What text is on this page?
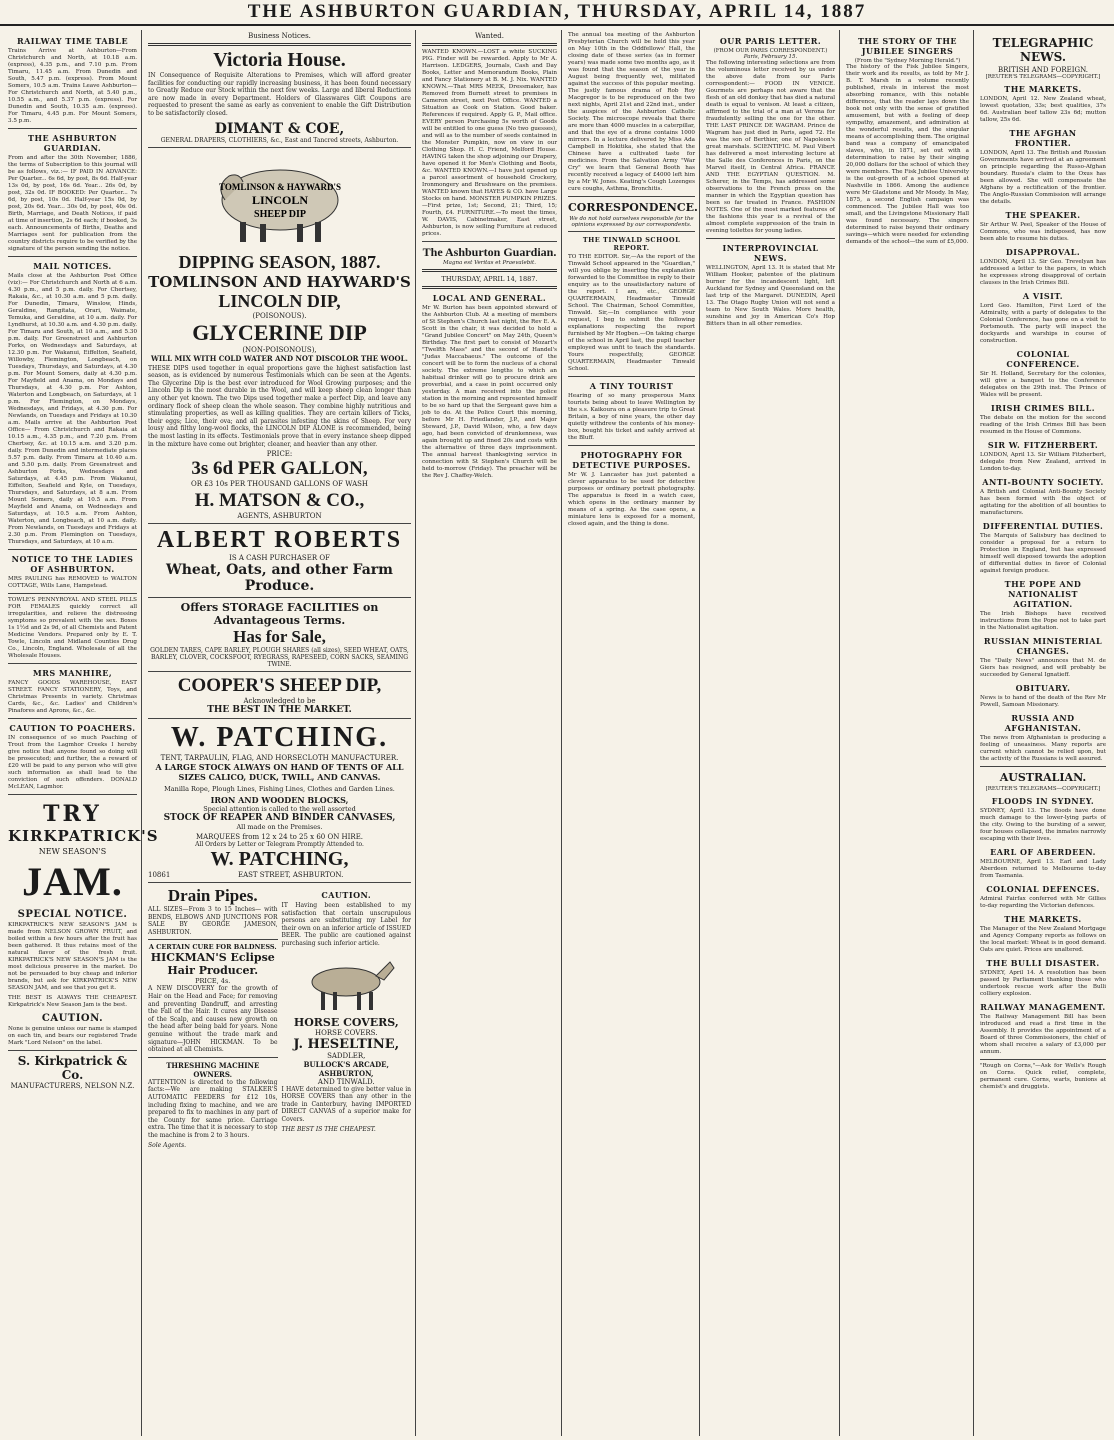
THE ASHBURTON GUARDIAN, THURSDAY, APRIL 14, 1887
RAILWAY TIME TABLE
Trains Arrive at Ashburton—From Christchurch and North, at 10.18 a.m. (express), 4.35 p.m., and 7.10 p.m. From Timaru, 11.45 a.m. From Dunedin and South, 5.47 p.m. (express). From Mount Somers, 10.5 a.m. Trains Leave Ashburton—For Christchurch and North, at 5.40 p.m., 10.55 a.m., and 5.37 p.m. (express). For Dunedin and South, 10.35 a.m. (express). For Timaru, 4.45 p.m. For Mount Somers, 3.5 p.m.
THE ASHBURTON GUARDIAN.
From and after the 30th November, 1886, the terms of Subscription to this journal will be as follows, viz.:— IF PAID IN ADVANCE: Per Quarter... 6s 6d, by post, 8s 6d. Half-year 13s 0d, by post, 16s 6d. Year... 26s 0d, by post, 32s 0d. IF BOOKED: Per Quarter... 7s 6d, by post, 10s 0d. Half-year 15s 0d, by post, 20s 6d. Year... 30s 0d, by post, 40s 0d. Birth, Marriage, and Death Notices, if paid at time of insertion, 2s 6d each; if booked, 3s each. Announcements of Births, Deaths and Marriages sent for publication from the country districts require to be verified by the signature of the person sending the notice.
MAIL NOTICES.
Mails close at the Ashburton Post Office (viz):— For Christchurch and North at 6 a.m. 4.30 p.m., and 5 p.m. daily. For Chertsey, Rakaia, &c., at 10.30 a.m. and 5 p.m. daily. For Dunedin, Timaru, Winslow, Hinds, Geraldine, Rangitata, Orari, Waimate, Temuka, and Geraldine, at 10 a.m. daily. For Lyndhurst, at 10.30 a.m. and 4.30 p.m. daily. For Timaru and South, at 10 a.m., and 5.30 p.m. daily. For Greenstreet and Ashburton Forks, on Wednesdays and Saturdays, at 12.30 p.m. For Wakanui, Eiffelton, Seafield, Willowby, Flemington, Longbeach, on Tuesdays, Thursdays, and Saturdays, at 4.30 p.m. For Mount Somers, daily at 4.30 p.m. For Mayfield and Anama, on Mondays and Thursdays, at 4.30 p.m. For Ashton, Waterton and Longbeach, on Saturdays, at 1 p.m. For Flemington, on Mondays, Wednesdays, and Fridays, at 4.30 p.m. For Newlands, on Tuesdays and Fridays at 10.30 a.m. Mails arrive at the Ashburton Post Office— From Christchurch and Rakaia at 10.15 a.m., 4.35 p.m., and 7.20 p.m. From Chertsey, &c. at 10.15 a.m. and 3.20 p.m. daily. From Dunedin and intermediate places 5.57 p.m. daily. From Timaru at 10.40 a.m. and 5.50 p.m. daily. From Greenstreet and Ashburton Forks, Wednesdays and Saturdays, at 4.45 p.m. From Wakanui, Eiffelton, Seafield and Kyle, on Tuesdays, Thursdays, and Saturdays, at 8 a.m. From Mount Somers, daily at 10.5 a.m. From Mayfield and Anama, on Wednesdays and Saturdays, at 10.5 a.m. From Ashton, Waterton, and Longbeach, at 10 a.m. daily. From Newlands, on Tuesdays and Fridays at 2.30 p.m. From Flemington on Tuesdays, Thursdays, and Saturdays, at 10 a.m.
NOTICE TO THE LADIES OF ASHBURTON.
MRS PAULING has REMOVED to WALTON COTTAGE, Wills Lane, Hampstead.
TOWLE'S PENNYROYAL AND STEEL PILLS FOR FEMALES quickly correct all irregularities, and relieve the distressing symptoms so prevalent with the sex. Boxes 1s 1½d and 2s 9d, of all Chemists and Patent Medicine Vendors. Prepared only by E. T. Towle, Lincoln and Midland Counties Drug Co., Lincoln, England. Wholesale of all the Wholesale Houses.
MRS MANHIRE,
FANCY GOODS WAREHOUSE, EAST STREET. FANCY STATIONERY, Toys, and Christmas Presents in variety. Christmas Cards, &c., &c. Ladies' and Children's Pinafores and Aprons, &c., &c.
CAUTION TO POACHERS.
IN consequence of so much Poaching of Trout from the Lagmhor Creeks I hereby give notice that anyone found so doing will be prosecuted; and further, the a reward of £20 will be paid to any person who will give such information as shall lead to the conviction of such offenders. DONALD McLEAN, Lagmhor.
TRY
KIRKPATRICK'S
NEW SEASON'S
JAM.
SPECIAL NOTICE.
KIRKPATRICK'S NEW SEASON'S JAM is made from NELSON GROWN FRUIT, and boiled within a few hours after the fruit has been gathered. It thus retains most of the natural flavor of the fresh fruit. KIRKPATRICK'S NEW SEASON'S JAM is the most delicious preserve in the market. Do not be persuaded to buy cheap and inferior brands, but ask for KIRKPATRICK'S NEW SEASON JAM, and see that you get it.
THE BEST IS ALWAYS THE CHEAPEST. Kirkpatrick's New Season Jam is the best.
CAUTION.
None is genuine unless our name is stamped on each tin, and bears our registered Trade Mark "Lord Nelson" on the label.
S. Kirkpatrick & Co.
MANUFACTURERS, NELSON N.Z.
Business Notices.
Victoria House.
IN Consequence of Requisite Alterations to Premises, which will afford greater facilities for conducting our rapidly increasing business, it has been found necessary to Greatly Reduce our Stock within the next few weeks. Large and liberal Reductions are now made in every Department. Holders of Glasswares Gift Coupons are requested to present the same as early as convenient to enable the Gift Distribution to be satisfactorily closed.
DIMANT & COE,
GENERAL DRAPERS, CLOTHIERS, &c., East and Tancred streets, Ashburton.
TOMLINSON & HAYWARD'S
LINCOLN
SHEEP DIP
DIPPING SEASON, 1887.
TOMLINSON AND HAYWARD'S
LINCOLN DIP,
(POISONOUS).
GLYCERINE DIP
(NON-POISONOUS),
WILL MIX WITH COLD WATER AND NOT DISCOLOR THE WOOL.
THESE DIPS used together in equal proportions gave the highest satisfaction last season, as is evidenced by numerous Testimonials which can be seen at the Agents. The Glycerine Dip is the best ever introduced for Wool Growing purposes; and the Lincoln Dip is the most durable in the Wool, and will keep sheep clean longer than any other yet known. The two Dips used together make a perfect Dip, and leave any ordinary flock of sheep clean the whole season. They combine highly nutritious and stimulating properties, as well as killing qualities. They are certain killers of Ticks, their eggs; Lice, their ova; and all parasites infesting the skins of Sheep. For very lousy and filthy long-wool flocks, the LINCOLN DIP ALONE is recommended, being the most lasting in its effects. Testimonials prove that in every instance sheep dipped in the mixture have come out brighter, cleaner, and heavier than any other.
PRICE:
3s 6d PER GALLON,
OR £3 10s PER THOUSAND GALLONS OF WASH
H. MATSON & CO.,
AGENTS, ASHBURTON
ALBERT ROBERTS
IS A CASH PURCHASER OF
Wheat, Oats, and other Farm Produce.
Offers STORAGE FACILITIES on Advantageous Terms.
Has for Sale,
GOLDEN TARES, CAPE BARLEY, PLOUGH SHARES (all sizes), SEED WHEAT, OATS, BARLEY, CLOVER, COCKSFOOT, RYEGRASS, RAPESEED, CORN SACKS, SEAMING TWINE.
COOPER'S SHEEP DIP,
Acknowledged to be
THE BEST IN THE MARKET.
W. PATCHING.
TENT, TARPAULIN, FLAG, AND HORSECLOTH MANUFACTURER.
A LARGE STOCK ALWAYS ON HAND OF TENTS OF ALL SIZES CALICO, DUCK, TWILL, AND CANVAS.
Manilla Rope, Plough Lines, Fishing Lines, Clothes and Garden Lines.
IRON AND WOODEN BLOCKS,
Special attention is called to the well assorted
STOCK OF REAPER AND BINDER CANVASES,
All made on the Premises.
MARQUEES from 12 x 24 to 25 x 60 ON HIRE.
All Orders by Letter or Telegram Promptly Attended to.
W. PATCHING,
10861	EAST STREET, ASHBURTON.
Drain Pipes.
ALL SIZES—From 3 to 15 Inches— with BENDS, ELBOWS AND JUNCTIONS FOR SALE BY GEORGE JAMESON, ASHBURTON.
A CERTAIN CURE FOR BALDNESS.
HICKMAN'S Eclipse Hair Producer.
PRICE, 4s.
A NEW DISCOVERY for the growth of Hair on the Head and Face; for removing and preventing Dandruff, and arresting the Fall of the Hair. It cures any Disease of the Scalp, and causes new growth on the head after being bald for years. None genuine without the trade mark and signature—JOHN HICKMAN. To be obtained at all Chemists.
THRESHING MACHINE OWNERS.
ATTENTION is directed to the following facts:—We are making STALKER'S AUTOMATIC FEEDERS for £12 10s, including fixing to machine, and we are prepared to fix to machines in any part of the County for same price. Carriage extra. The time that it is necessary to stop the machine is from 2 to 3 hours.
Sole Agents.
CAUTION.
IT Having been established to my satisfaction that certain unscrupulous persons are substituting my Label for their own on an inferior article of ISSUED BEER. The public are cautioned against purchasing such inferior article.
HORSE COVERS,
HORSE COVERS.
J. HESELTINE,
SADDLER,
BULLOCK'S ARCADE, ASHBURTON,
AND TINWALD.
I HAVE determined to give better value in HORSE COVERS than any other in the trade in Canterbury, having IMPORTED DIRECT CANVAS of a superior make for Covers.
THE BEST IS THE CHEAPEST.
Wanted.
WANTED KNOWN.—LOST a white SUCKING PIG. Finder will be rewarded. Apply to Mr A. Harrison. LEDGERS, Journals, Cash and Day Books, Letter and Memorandum Books, Plain and Fancy Stationery at B. M. J. Nix. WANTED KNOWN.—That MRS MEEK, Dressmaker, has Removed from Burnett street to premises in Cameron street, next Post Office. WANTED a Situation as Cook on Station. Good baker. References if required. Apply G. P., Mail office. EVERY person Purchasing 5s worth of Goods will be entitled to one guess (No two guesses), and will as to the number of seeds contained in the Monster Pumpkin, now on view in our Clothing Shop. H. C. Friend, Melford House. HAVING taken the shop adjoining our Drapery, have opened it for Men's Clothing and Boots, &c. WANTED KNOWN.—I have just opened up a parcel assortment of household Crockery, Ironmongery and Brushware on the premises. WANTED known that HAYES & CO. have Large Stocks on hand. MONSTER PUMPKIN PRIZES.—First prize, 1st; Second, 21; Third, 15; Fourth, £4. FURNITURE.—To meet the times, W. DAVIS, Cabinetmaker, East street, Ashburton, is now selling Furniture at reduced prices.
The Ashburton Guardian.
Magna est Veritas et Praevalebit.
THURSDAY, APRIL 14, 1887.
LOCAL AND GENERAL.
Mr W. Burton has been appointed steward of the Ashburton Club. At a meeting of members of St Stephen's Church last night, the Rev E. A. Scott in the chair, it was decided to hold a "Grand Jubilee Concert" on May 24th, Queen's Birthday. The first part to consist of Mozart's "Twelfth Mass" and the second of Handel's "Judas Maccabaeus." The outcome of the concert will be to form the nucleus of a choral society. The extreme lengths to which an habitual drinker will go to procure drink are proverbial, and a case in point occurred only yesterday. A man received into the police station in the morning and represented himself to be so hard up that the Sergeant gave him a job to do. At the Police Court this morning, before Mr H. Friedlander, J.P., and Major Steward, J.P., David Wilson, who, a few days ago, had been convicted of drunkenness, was again brought up and fined 20s and costs with the alternative of three days imprisonment. The annual harvest thanksgiving service in connection with St Stephen's Church will be held to-morrow (Friday). The preacher will be the Rev J. Chaffey-Welch.
The annual tea meeting of the Ashburton Presbyterian Church will be held this year on May 10th in the Oddfellows' Hall, the closing date of these series (as in former years) was made some two months ago, as it was found that the season of the year in August being frequently wet, militated against the success of this popular meeting. The justly famous drama of Rob Roy Macgregor is to be reproduced on the two next nights, April 21st and 22nd inst., under the auspices of the Ashburton Catholic Society. The microscope reveals that there are more than 4000 muscles in a caterpillar, and that the eye of a drone contains 1000 mirrors. In a lecture delivered by Miss Ada Campbell in Hokitika, she stated that the Chinese have a cultivated taste for medicines. From the Salvation Army "War Cry" we learn that General Booth has recently received a legacy of £4000 left him by a Mr W. Jones. Keating's Cough Lozenges cure coughs, Asthma, Bronchitis.
CORRESPONDENCE.
We do not hold ourselves responsible for the opinions expressed by our correspondents.
THE TINWALD SCHOOL REPORT.
TO THE EDITOR. Sir,—As the report of the Tinwald School appeared in the "Guardian," will you oblige by inserting the explanation forwarded to the Committee in reply to their enquiry as to the unsatisfactory nature of the report. I am, etc., GEORGE QUARTERMAIN, Headmaster Tinwald School. The Chairman, School Committee, Tinwald. Sir,—In compliance with your request, I beg to submit the following explanations respecting the report furnished by Mr Hogben.—On taking charge of the school in April last, the pupil teacher employed was unfit to teach the standards. Yours respectfully, GEORGE QUARTERMAIN, Headmaster Tinwald School.
A TINY TOURIST
Hearing of so many prosperous Manx tourists being about to leave Wellington by the s.s. Kaikoura on a pleasure trip to Great Britain, a boy of nine years, the other day quietly withdrew the contents of his money-box, bought his ticket and safely arrived at the Bluff.
PHOTOGRAPHY FOR DETECTIVE PURPOSES.
Mr W. J. Lancaster has just patented a clever apparatus to be used for detective purposes or ordinary portrait photography. The apparatus is fixed in a watch case, which opens in the ordinary manner by means of a spring. As the case opens, a miniature lens is exposed for a moment, closed again, and the thing is done.
OUR PARIS LETTER.
(FROM OUR PARIS CORRESPONDENT.)
Paris, February 15.
The following interesting selections are from the voluminous letter received by us under the above date from our Paris correspondent:— FOOD IN VENICE. Gourmets are perhaps not aware that the flesh of an old donkey that has died a natural death is equal to venison. At least a citizen, affirmed to the trial of a man at Verona for fraudulently selling the one for the other. THE LAST PRINCE DE WAGRAM. Prince de Wagram has just died in Paris, aged 72. He was the son of Berthier, one of Napoleon's great marshals. SCIENTIFIC. M. Paul Vibert has delivered a most interesting lecture at the Salle des Conferences in Paris, on the Marvel itself, in Central Africa. FRANCE AND THE EGYPTIAN QUESTION. M. Scherer, in the Temps, has addressed some observations to the French press on the manner in which the Egyptian question has been so far treated in France. FASHION NOTES. One of the most marked features of the fashions this year is a revival of the almost complete suppression of the train in evening toilettes for young ladies.
INTERPROVINCIAL NEWS.
WELLINGTON, April 13. It is stated that Mr William Hooker, patentee of the platinum burner for the incandescent light, left Auckland for Sydney and Queensland on the last trip of the Margaret. DUNEDIN, April 13. The Otago Rugby Union will not send a team to New South Wales. More health, sunshine and joy in American Co's Hop Bitters than in all other remedies.
THE STORY OF THE JUBILEE SINGERS
(From the "Sydney Morning Herald.")
The history of the Fisk Jubilee Singers, their work and its results, as told by Mr J. B. T. Marsh in a volume recently published, rivals in interest the most absorbing romance, with this notable difference, that the reader lays down the book not only with the sense of gratified amusement, but with a feeling of deep sympathy, amazement, and admiration at the wonderful results, and the singular means of accomplishing them. The original band was a company of emancipated slaves, who, in 1871, set out with a determination to raise by their singing 20,000 dollars for the school of which they were members. The Fisk Jubilee University is the out-growth of a school opened at Nashville in 1866. Among the audience were Mr Gladstone and Mr Moody. In May, 1875, a second English campaign was commenced. The Jubilee Hall was too small, and the Livingstone Missionary Hall was found necessary. The singers determined to raise beyond their ordinary savings—which were needed for extending demands of the school—the sum of £5,000.
TELEGRAPHIC NEWS.
BRITISH AND FOREIGN.
[REUTER'S TELEGRAMS—COPYRIGHT.]
THE MARKETS.
LONDON, April 12. New Zealand wheat, lowest quotation, 33s; best qualities, 37s 6d. Australian beef tallow 23s 6d; mutton tallow, 25s 6d.
THE AFGHAN FRONTIER.
LONDON, April 13. The British and Russian Governments have arrived at an agreement on principle regarding the Russo-Afghan boundary. Russia's claim to the Oxus has been allowed. She will compensate the Afghans by a rectification of the frontier. The Anglo-Russian Commission will arrange the details.
THE SPEAKER.
Sir Arthur W. Peel, Speaker of the House of Commons, who was indisposed, has now been able to resume his duties.
DISAPPROVAL.
LONDON, April 13. Sir Geo. Trevelyan has addressed a letter to the papers, in which he expresses strong disapproval of certain clauses in the Irish Crimes Bill.
A VISIT.
Lord Geo. Hamilton, First Lord of the Admiralty, with a party of delegates to the Colonial Conference, has gone on a visit to Portsmouth. The party will inspect the dockyards and warships in course of construction.
COLONIAL CONFERENCE.
Sir H. Holland, Secretary for the colonies, will give a banquet to the Conference delegates on the 29th inst. The Prince of Wales will be present.
IRISH CRIMES BILL.
The debate on the motion for the second reading of the Irish Crimes Bill has been resumed in the House of Commons.
SIR W. FITZHERBERT.
LONDON, April 13. Sir William Fitzherbert, delegate from New Zealand, arrived in London to-day.
ANTI-BOUNTY SOCIETY.
A British and Colonial Anti-Bounty Society has been formed with the object of agitating for the abolition of all bounties to manufacturers.
DIFFERENTIAL DUTIES.
The Marquis of Salisbury has declined to consider a proposal for a return to Protection in England, but has expressed himself well disposed towards the adoption of differential duties in favor of Colonial against foreign produce.
THE POPE AND NATIONALIST AGITATION.
The Irish Bishops have received instructions from the Pope not to take part in the Nationalist agitation.
RUSSIAN MINISTERIAL CHANGES.
The "Daily News" announces that M. de Giers has resigned, and will probably be succeeded by General Ignatieff.
OBITUARY.
News is to hand of the death of the Rev Mr Powell, Samoan Missionary.
RUSSIA AND AFGHANISTAN.
The news from Afghanistan is producing a feeling of uneasiness. Many reports are current which cannot be relied upon, but the activity of the Russians is well assured.
AUSTRALIAN.
[REUTER'S TELEGRAMS—COPYRIGHT.]
FLOODS IN SYDNEY.
SYDNEY, April 13. The floods have done much damage to the lower-lying parts of the city. Owing to the bursting of a sewer, four houses collapsed, the inmates narrowly escaping with their lives.
EARL OF ABERDEEN.
MELBOURNE, April 13. Earl and Lady Aberdeen returned to Melbourne to-day from Tasmania.
COLONIAL DEFENCES.
Admiral Fairfax conferred with Mr Gillies to-day regarding the Victorian defences.
THE MARKETS.
The Manager of the New Zealand Mortgage and Agency Company reports as follows on the local market: Wheat is in good demand. Oats are quiet. Prices are unaltered.
THE BULLI DISASTER.
SYDNEY, April 14. A resolution has been passed by Parliament thanking those who undertook rescue work after the Bulli colliery explosion.
RAILWAY MANAGEMENT.
The Railway Management Bill has been introduced and read a first time in the Assembly. It provides the appointment of a Board of three Commissioners, the chief of whom shall receive a salary of £3,000 per annum.
"Rough on Corns,"—Ask for Wells's Rough on Corns. Quick relief, complete, permanent cure. Corns, warts, bunions at chemist's and druggists.
